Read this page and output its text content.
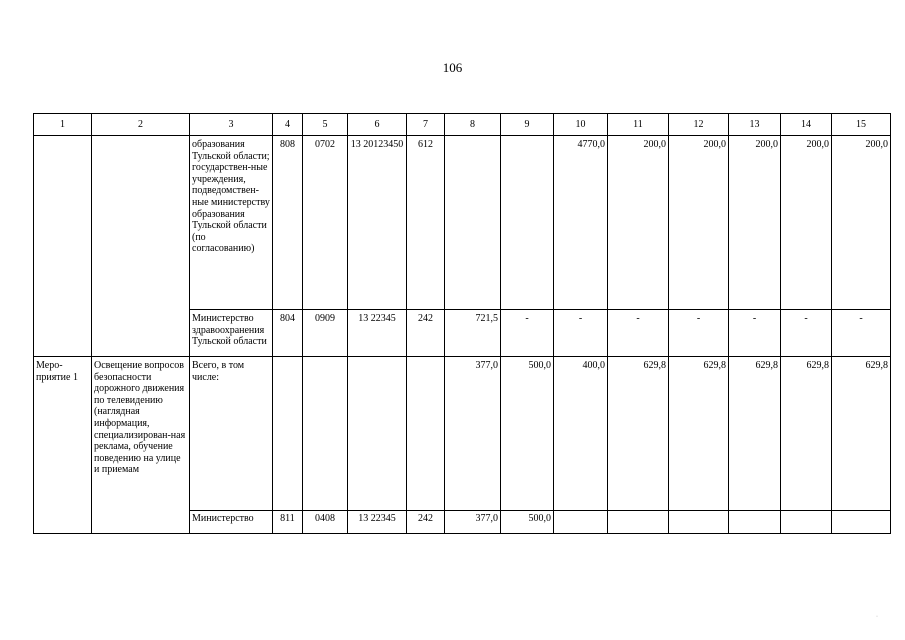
106
1	2	3	4	5	6	7	8	9	10	11	12	13	14	15
		образования Тульской области; государствен-ные учреждения, подведомствен-ные министерству образования Тульской области (по согласованию)	808	0702	13 20123450	612			4770,0	200,0	200,0	200,0	200,0	200,0
		Министерство здравоохранения Тульской области	804	0909	13 22345	242	721,5	-	-	-	-	-	-	-
Меро-приятие 1	Освещение вопросов безопасности дорожного движения по телевидению (наглядная информация, специализирован-ная реклама, обучение поведению на улице и приемам	Всего, в том числе:					377,0	500,0	400,0	629,8	629,8	629,8	629,8	629,8
		Министерство	811	0408	13 22345	242	377,0	500,0						
·
